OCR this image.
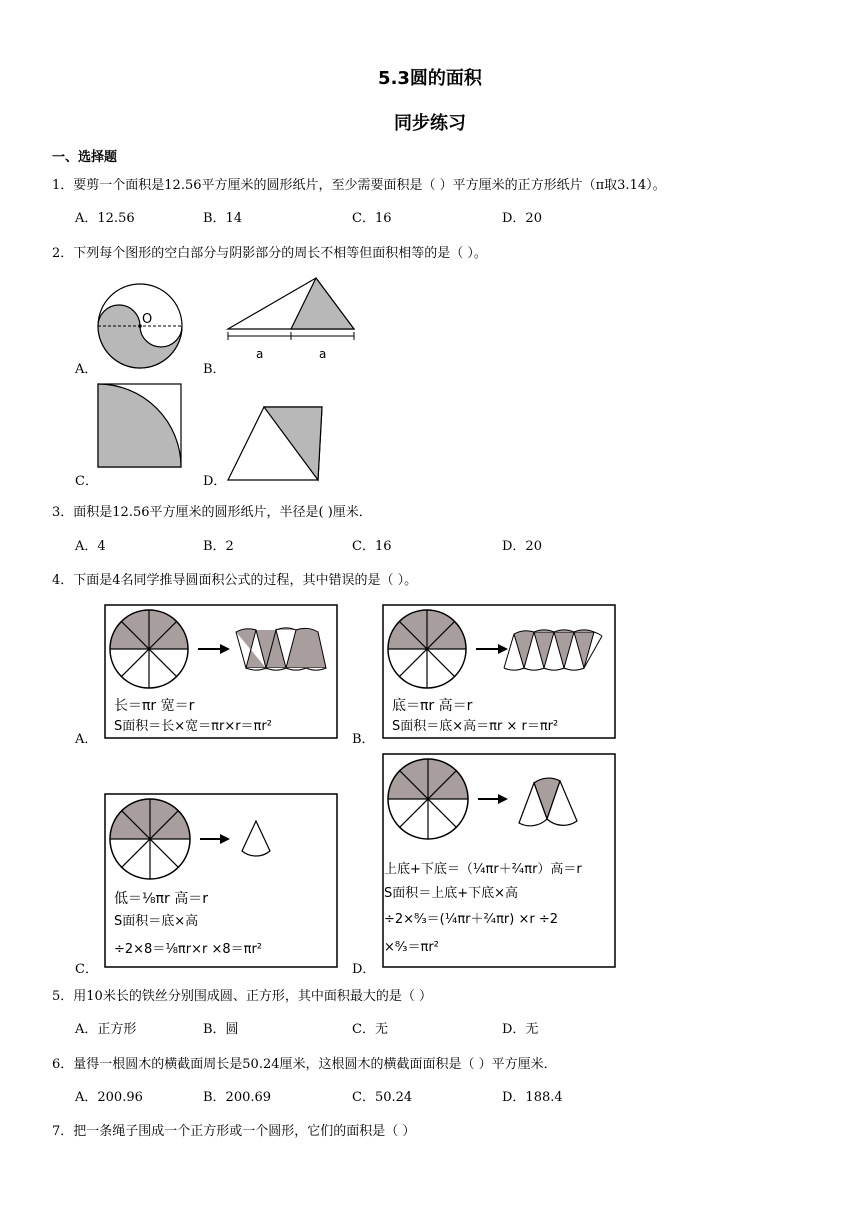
5.3圆的面积
同步练习
一、选择题
1．要剪一个面积是12.56平方厘米的圆形纸片，至少需要面积是（ ）平方厘米的正方形纸片（π取3.14）。
A．12.56	B．14	C．16	D．20
2．下列每个图形的空白部分与阴影部分的周长不相等但面积相等的是（ ）。
O
A．
a	a
B．
C．	D．
3．面积是12.56平方厘米的圆形纸片，半径是( )厘米．
A．4	B．2	C．16	D．20
4．下面是4名同学推导圆面积公式的过程，其中错误的是（ ）。
长＝πr 宽＝r
S面积＝长×宽＝πr×r＝πr²
A．
底＝πr 高＝r
S面积＝底×高＝πr × r＝πr²
B．
低＝⅛πr 高＝r
S面积＝底×高
÷2×8＝⅛πr×r ×8＝πr²
C．
上底+下底＝（¼πr＋²⁄₄πr）高＝r
S面积＝上底+下底×高
÷2×⁸⁄₃＝(¼πr＋²⁄₄πr) ×r ÷2
×⁸⁄₃＝πr²
D．
5．用10米长的铁丝分别围成圆、正方形，其中面积最大的是（ ）
A．正方形	B．圆	C．无	D．无
6．量得一根圆木的横截面周长是50.24厘米，这根圆木的横截面面积是（ ）平方厘米．
A．200.96	B．200.69	C．50.24	D．188.4
7．把一条绳子围成一个正方形或一个圆形，它们的面积是（ ）
